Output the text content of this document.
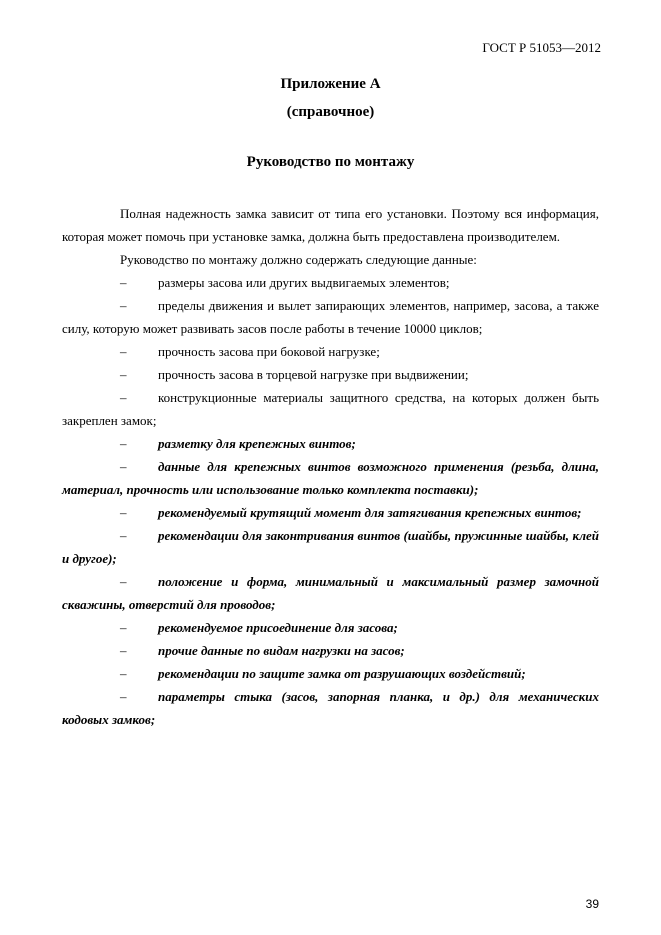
ГОСТ Р 51053—2012
Приложение А
(справочное)
Руководство по монтажу

Полная надежность замка зависит от типа его установки. Поэтому вся информация, которая может помочь при установке замка, должна быть предоставлена производителем.

Руководство по монтажу должно содержать следующие данные:

– размеры засова или других выдвигаемых элементов;

– пределы движения и вылет запирающих элементов, например, засова, а также силу, которую может развивать засов после работы в течение 10000 циклов;

– прочность засова при боковой нагрузке;

– прочность засова в торцевой нагрузке при выдвижении;

– конструкционные материалы защитного средства, на которых должен быть закреплен замок;

– разметку для крепежных винтов;

– данные для крепежных винтов возможного применения (резьба, длина, материал, прочность или использование только комплекта поставки);

– рекомендуемый крутящий момент для затягивания крепежных винтов;

– рекомендации для законтривания винтов (шайбы, пружинные шайбы, клей и другое);

– положение и форма, минимальный и максимальный размер замочной скважины, отверстий для проводов;

– рекомендуемое присоединение для засова;

– прочие данные по видам нагрузки на засов;

– рекомендации по защите замка от разрушающих воздействий;

– параметры стыка (засов, запорная планка, и др.) для механических кодовых замков;

39
